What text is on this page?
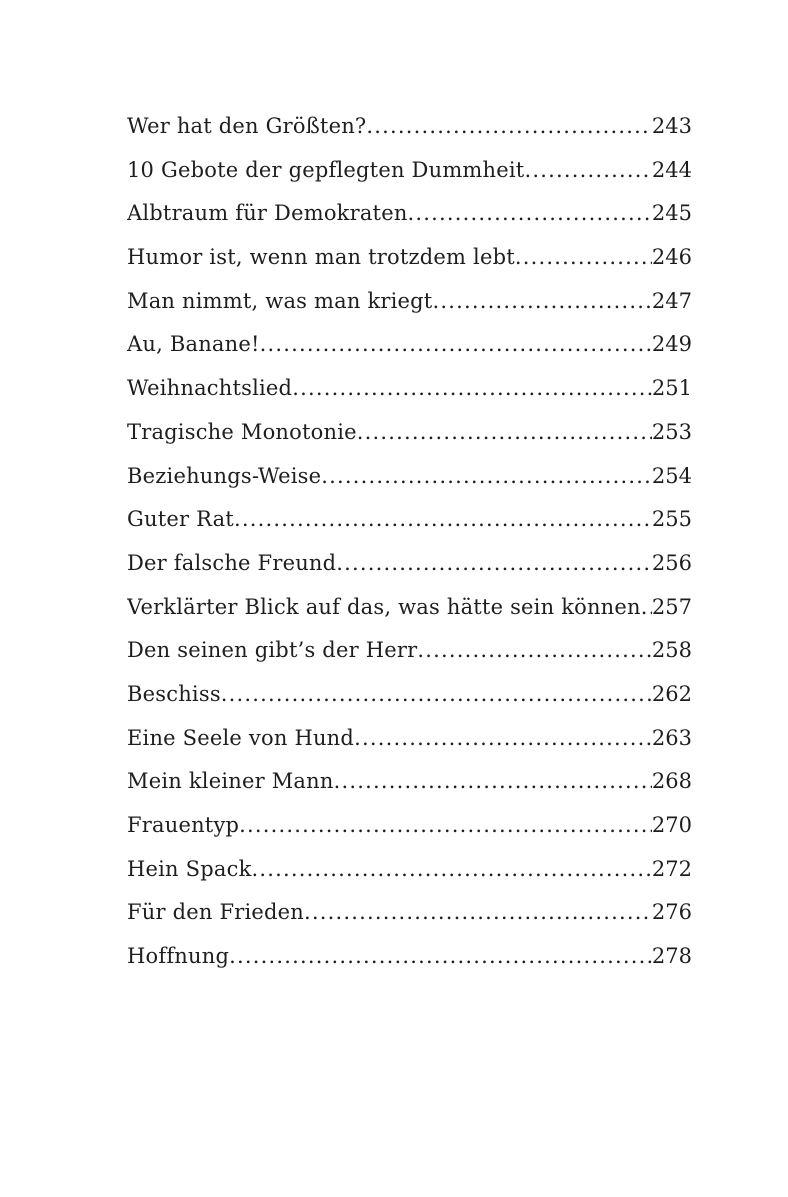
Wer hat den Größten? .....	243
10 Gebote der gepflegten Dummheit .....	244
Albtraum für Demokraten .....	245
Humor ist, wenn man trotzdem lebt .....	246
Man nimmt, was man kriegt .....	247
Au, Banane! .....	249
Weihnachtslied .....	251
Tragische Monotonie .....	253
Beziehungs-Weise .....	254
Guter Rat .....	255
Der falsche Freund .....	256
Verklärter Blick auf das, was hätte sein können ..... 257
Den seinen gibt’s der Herr .....	258
Beschiss .....	262
Eine Seele von Hund .....	263
Mein kleiner Mann .....	268
Frauentyp .....	270
Hein Spack .....	272
Für den Frieden .....	276
Hoffnung .....	278
